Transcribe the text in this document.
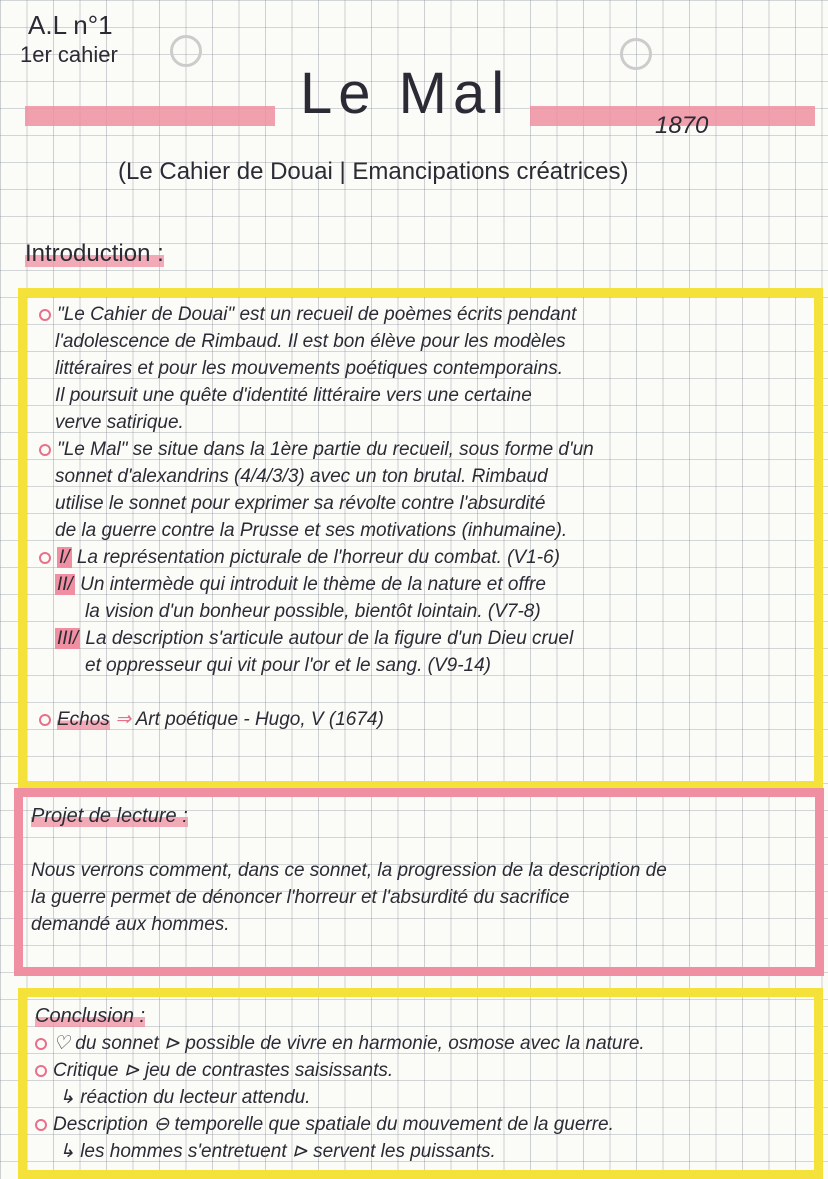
A.L n°1
1er cahier
Le Mal	1870
(Le Cahier de Douai | Emancipations créatrices)
Introduction :
"Le Cahier de Douai" est un recueil de poèmes écrits pendant
l'adolescence de Rimbaud. Il est bon élève pour les modèles
littéraires et pour les mouvements poétiques contemporains.
Il poursuit une quête d'identité littéraire vers une certaine
verve satirique.
"Le Mal" se situe dans la 1ère partie du recueil, sous forme d'un
sonnet d'alexandrins (4/4/3/3) avec un ton brutal. Rimbaud
utilise le sonnet pour exprimer sa révolte contre l'absurdité
de la guerre contre la Prusse et ses motivations (inhumaine).
I/ La représentation picturale de l'horreur du combat. (V1-6)
II/ Un intermède qui introduit le thème de la nature et offre
la vision d'un bonheur possible, bientôt lointain. (V7-8)
III/ La description s'articule autour de la figure d'un Dieu cruel
et oppresseur qui vit pour l'or et le sang. (V9-14)
Echos ⇒ Art poétique - Hugo, V (1674)
Projet de lecture :
Nous verrons comment, dans ce sonnet, la progression de la description de
la guerre permet de dénoncer l'horreur et l'absurdité du sacrifice
demandé aux hommes.
Conclusion :
♡ du sonnet ⊳ possible de vivre en harmonie, osmose avec la nature.
Critique ⊳ jeu de contrastes saisissants.
↳ réaction du lecteur attendu.
Description ⊖ temporelle que spatiale du mouvement de la guerre.
↳ les hommes s'entretuent ⊳ servent les puissants.
